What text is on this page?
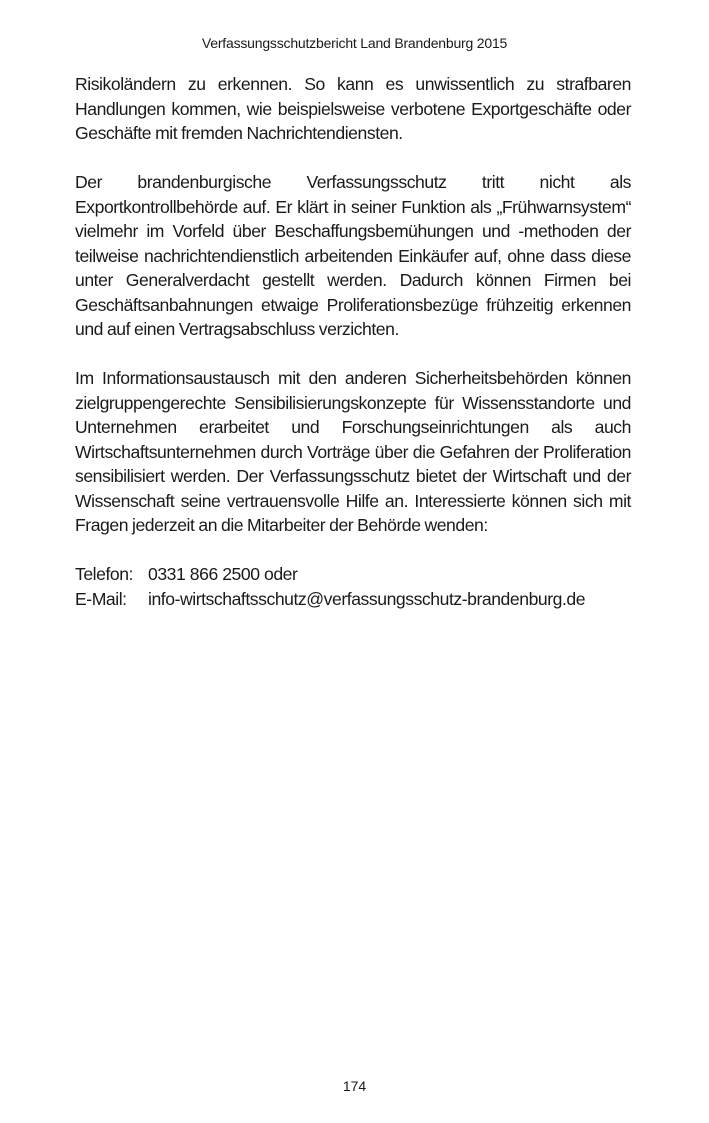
Verfassungsschutzbericht Land Brandenburg 2015

Risikoländern zu erkennen. So kann es unwissentlich zu strafbaren Handlungen kommen, wie beispielsweise verbotene Exportgeschäfte oder Geschäfte mit fremden Nachrichtendiensten.

Der brandenburgische Verfassungsschutz tritt nicht als Exportkontrollbehörde auf. Er klärt in seiner Funktion als „Frühwarnsystem“ vielmehr im Vorfeld über Beschaffungsbemühungen und -methoden der teilweise nachrichtendienstlich arbeitenden Einkäufer auf, ohne dass diese unter Generalverdacht gestellt werden. Dadurch können Firmen bei Geschäftsanbahnungen etwaige Proliferationsbezüge frühzeitig erkennen und auf einen Vertragsabschluss verzichten.

Im Informationsaustausch mit den anderen Sicherheitsbehörden können zielgruppengerechte Sensibilisierungskonzepte für Wissensstandorte und Unternehmen erarbeitet und Forschungseinrichtungen als auch Wirtschaftsunternehmen durch Vorträge über die Gefahren der Proliferation sensibilisiert werden. Der Verfassungsschutz bietet der Wirtschaft und der Wissenschaft seine vertrauensvolle Hilfe an. Interessierte können sich mit Fragen jederzeit an die Mitarbeiter der Behörde wenden:

Telefon: 0331 866 2500 oder
E-Mail:	info-wirtschaftsschutz@verfassungsschutz-brandenburg.de
174
